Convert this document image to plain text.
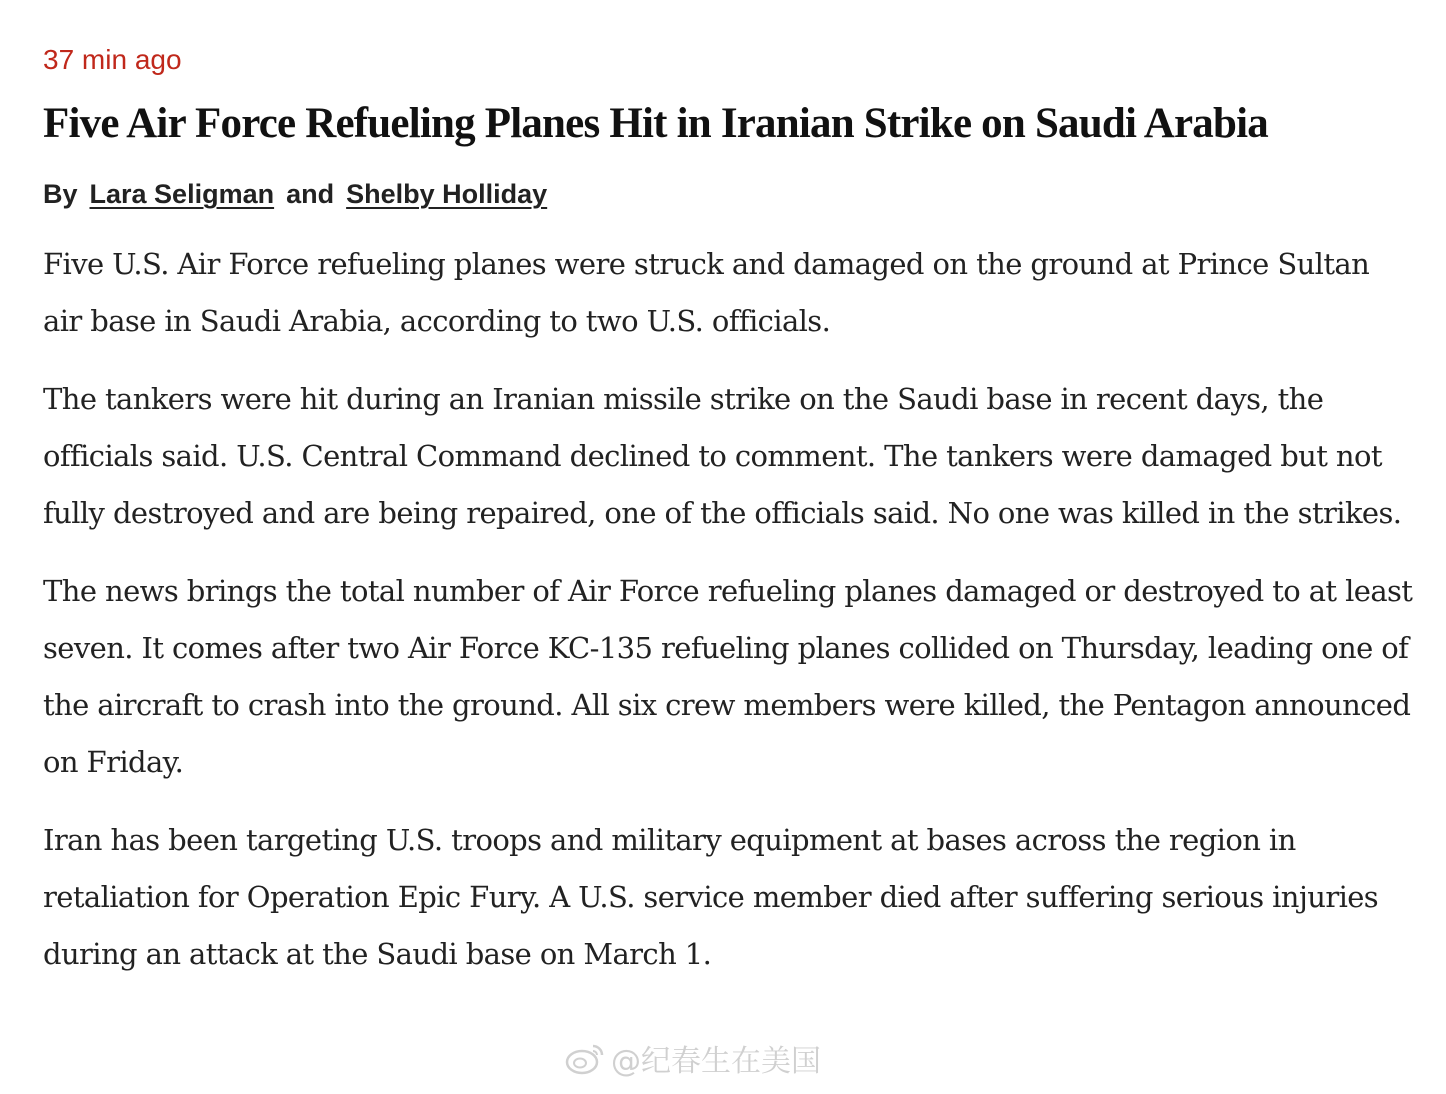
37 min ago
Five Air Force Refueling Planes Hit in Iranian Strike on Saudi Arabia
By Lara Seligman and Shelby Holliday

Five U.S. Air Force refueling planes were struck and damaged on the ground at Prince Sultan air base in Saudi Arabia, according to two U.S. officials.

The tankers were hit during an Iranian missile strike on the Saudi base in recent days, the officials said. U.S. Central Command declined to comment. The tankers were damaged but not fully destroyed and are being repaired, one of the officials said. No one was killed in the strikes.

The news brings the total number of Air Force refueling planes damaged or destroyed to at least seven. It comes after two Air Force KC-135 refueling planes collided on Thursday, leading one of the aircraft to crash into the ground. All six crew members were killed, the Pentagon announced on Friday.

Iran has been targeting U.S. troops and military equipment at bases across the region in retaliation for Operation Epic Fury. A U.S. service member died after suffering serious injuries during an attack at the Saudi base on March 1.

@纪春生在美国
